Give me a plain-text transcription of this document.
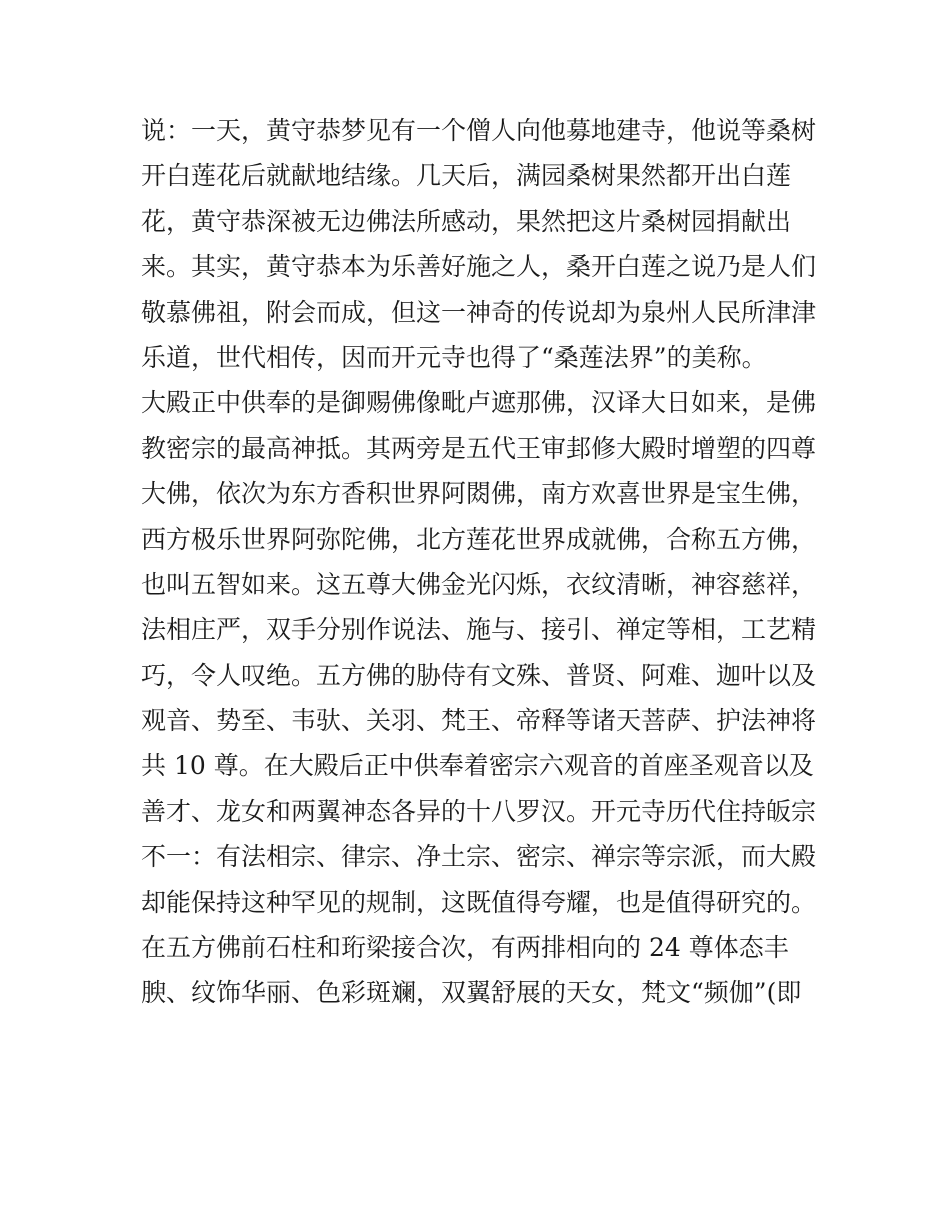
说：一天，黄守恭梦见有一个僧人向他募地建寺，他说等桑树
开白莲花后就献地结缘。几天后，满园桑树果然都开出白莲
花，黄守恭深被无边佛法所感动，果然把这片桑树园捐献出
来。其实，黄守恭本为乐善好施之人，桑开白莲之说乃是人们
敬慕佛祖，附会而成，但这一神奇的传说却为泉州人民所津津
乐道，世代相传，因而开元寺也得了“桑莲法界”的美称。
大殿正中供奉的是御赐佛像毗卢遮那佛，汉译大日如来，是佛
教密宗的最高神抵。其两旁是五代王审邽修大殿时增塑的四尊
大佛，依次为东方香积世界阿閦佛，南方欢喜世界是宝生佛，
西方极乐世界阿弥陀佛，北方莲花世界成就佛，合称五方佛，
也叫五智如来。这五尊大佛金光闪烁，衣纹清晰，神容慈祥，
法相庄严，双手分别作说法、施与、接引、禅定等相，工艺精
巧，令人叹绝。五方佛的胁侍有文殊、普贤、阿难、迦叶以及
观音、势至、韦驮、关羽、梵王、帝释等诸天菩萨、护法神将
共 10 尊。在大殿后正中供奉着密宗六观音的首座圣观音以及
善才、龙女和两翼神态各异的十八罗汉。开元寺历代住持皈宗
不一：有法相宗、律宗、净土宗、密宗、禅宗等宗派，而大殿
却能保持这种罕见的规制，这既值得夸耀，也是值得研究的。
在五方佛前石柱和珩梁接合次，有两排相向的 24 尊体态丰
腴、纹饰华丽、色彩斑斓，双翼舒展的天女，梵文“频伽”(即
